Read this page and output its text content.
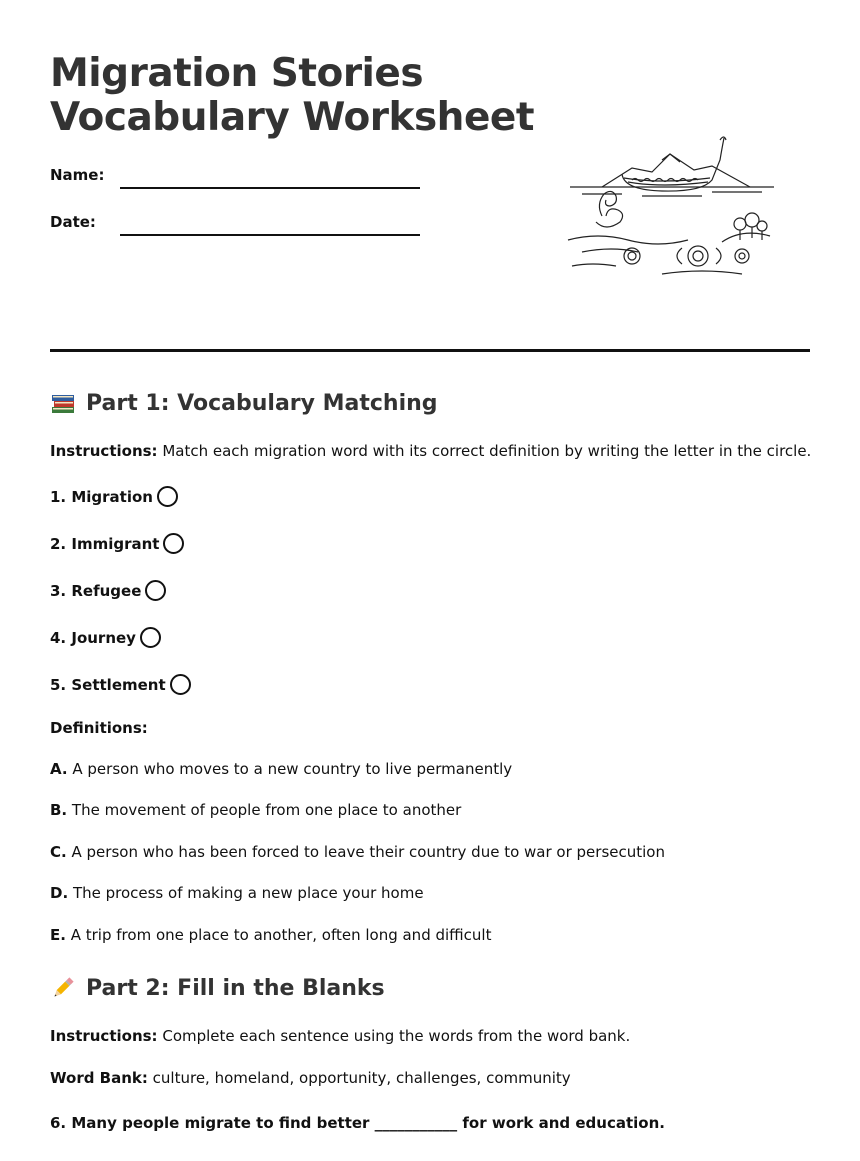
Migration Stories
Vocabulary Worksheet
Name:
Date:
Part 1: Vocabulary Matching
Instructions: Match each migration word with its correct definition by writing the letter in the circle.
1. Migration
2. Immigrant
3. Refugee
4. Journey
5. Settlement
Definitions:
A. A person who moves to a new country to live permanently
B. The movement of people from one place to another
C. A person who has been forced to leave their country due to war or persecution
D. The process of making a new place your home
E. A trip from one place to another, often long and difficult
Part 2: Fill in the Blanks
Instructions: Complete each sentence using the words from the word bank.
Word Bank: culture, homeland, opportunity, challenges, community
6. Many people migrate to find better ___________ for work and education.
